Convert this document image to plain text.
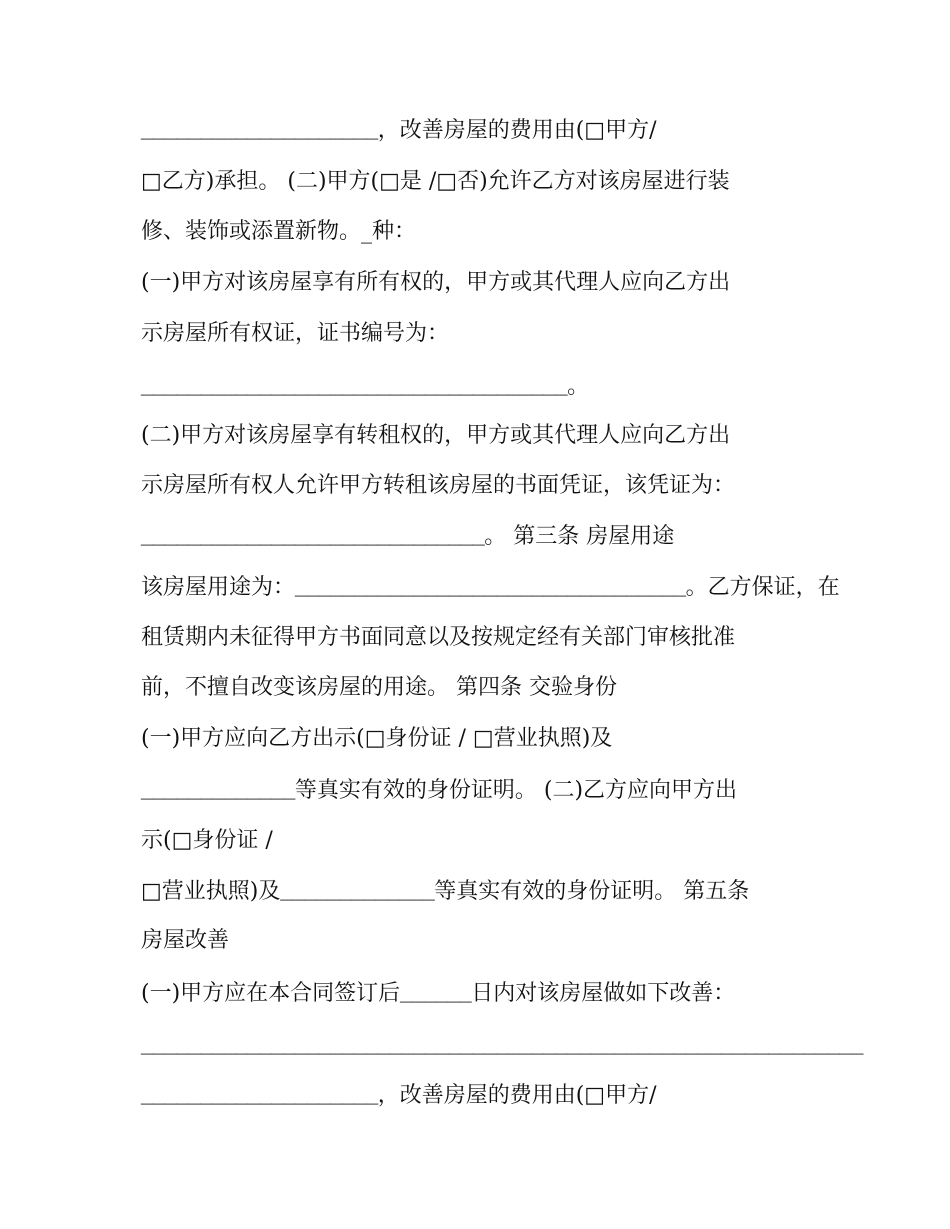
____________________，改善房屋的费用由(□甲方/
□乙方)承担。 (二)甲方(□是 /□否)允许乙方对该房屋进行装
修、装饰或添置新物。_种：
(一)甲方对该房屋享有所有权的，甲方或其代理人应向乙方出
示房屋所有权证，证书编号为：
____________________________________。
(二)甲方对该房屋享有转租权的，甲方或其代理人应向乙方出
示房屋所有权人允许甲方转租该房屋的书面凭证，该凭证为：
_____________________________。 第三条 房屋用途
该房屋用途为：_________________________________。乙方保证，在
租赁期内未征得甲方书面同意以及按规定经有关部门审核批准
前，不擅自改变该房屋的用途。 第四条 交验身份
(一)甲方应向乙方出示(□身份证 / □营业执照)及
_____________等真实有效的身份证明。 (二)乙方应向甲方出
示(□身份证 /
□营业执照)及_____________等真实有效的身份证明。 第五条
房屋改善
(一)甲方应在本合同签订后______日内对该房屋做如下改善：
_____________________________________________________________
____________________，改善房屋的费用由(□甲方/
